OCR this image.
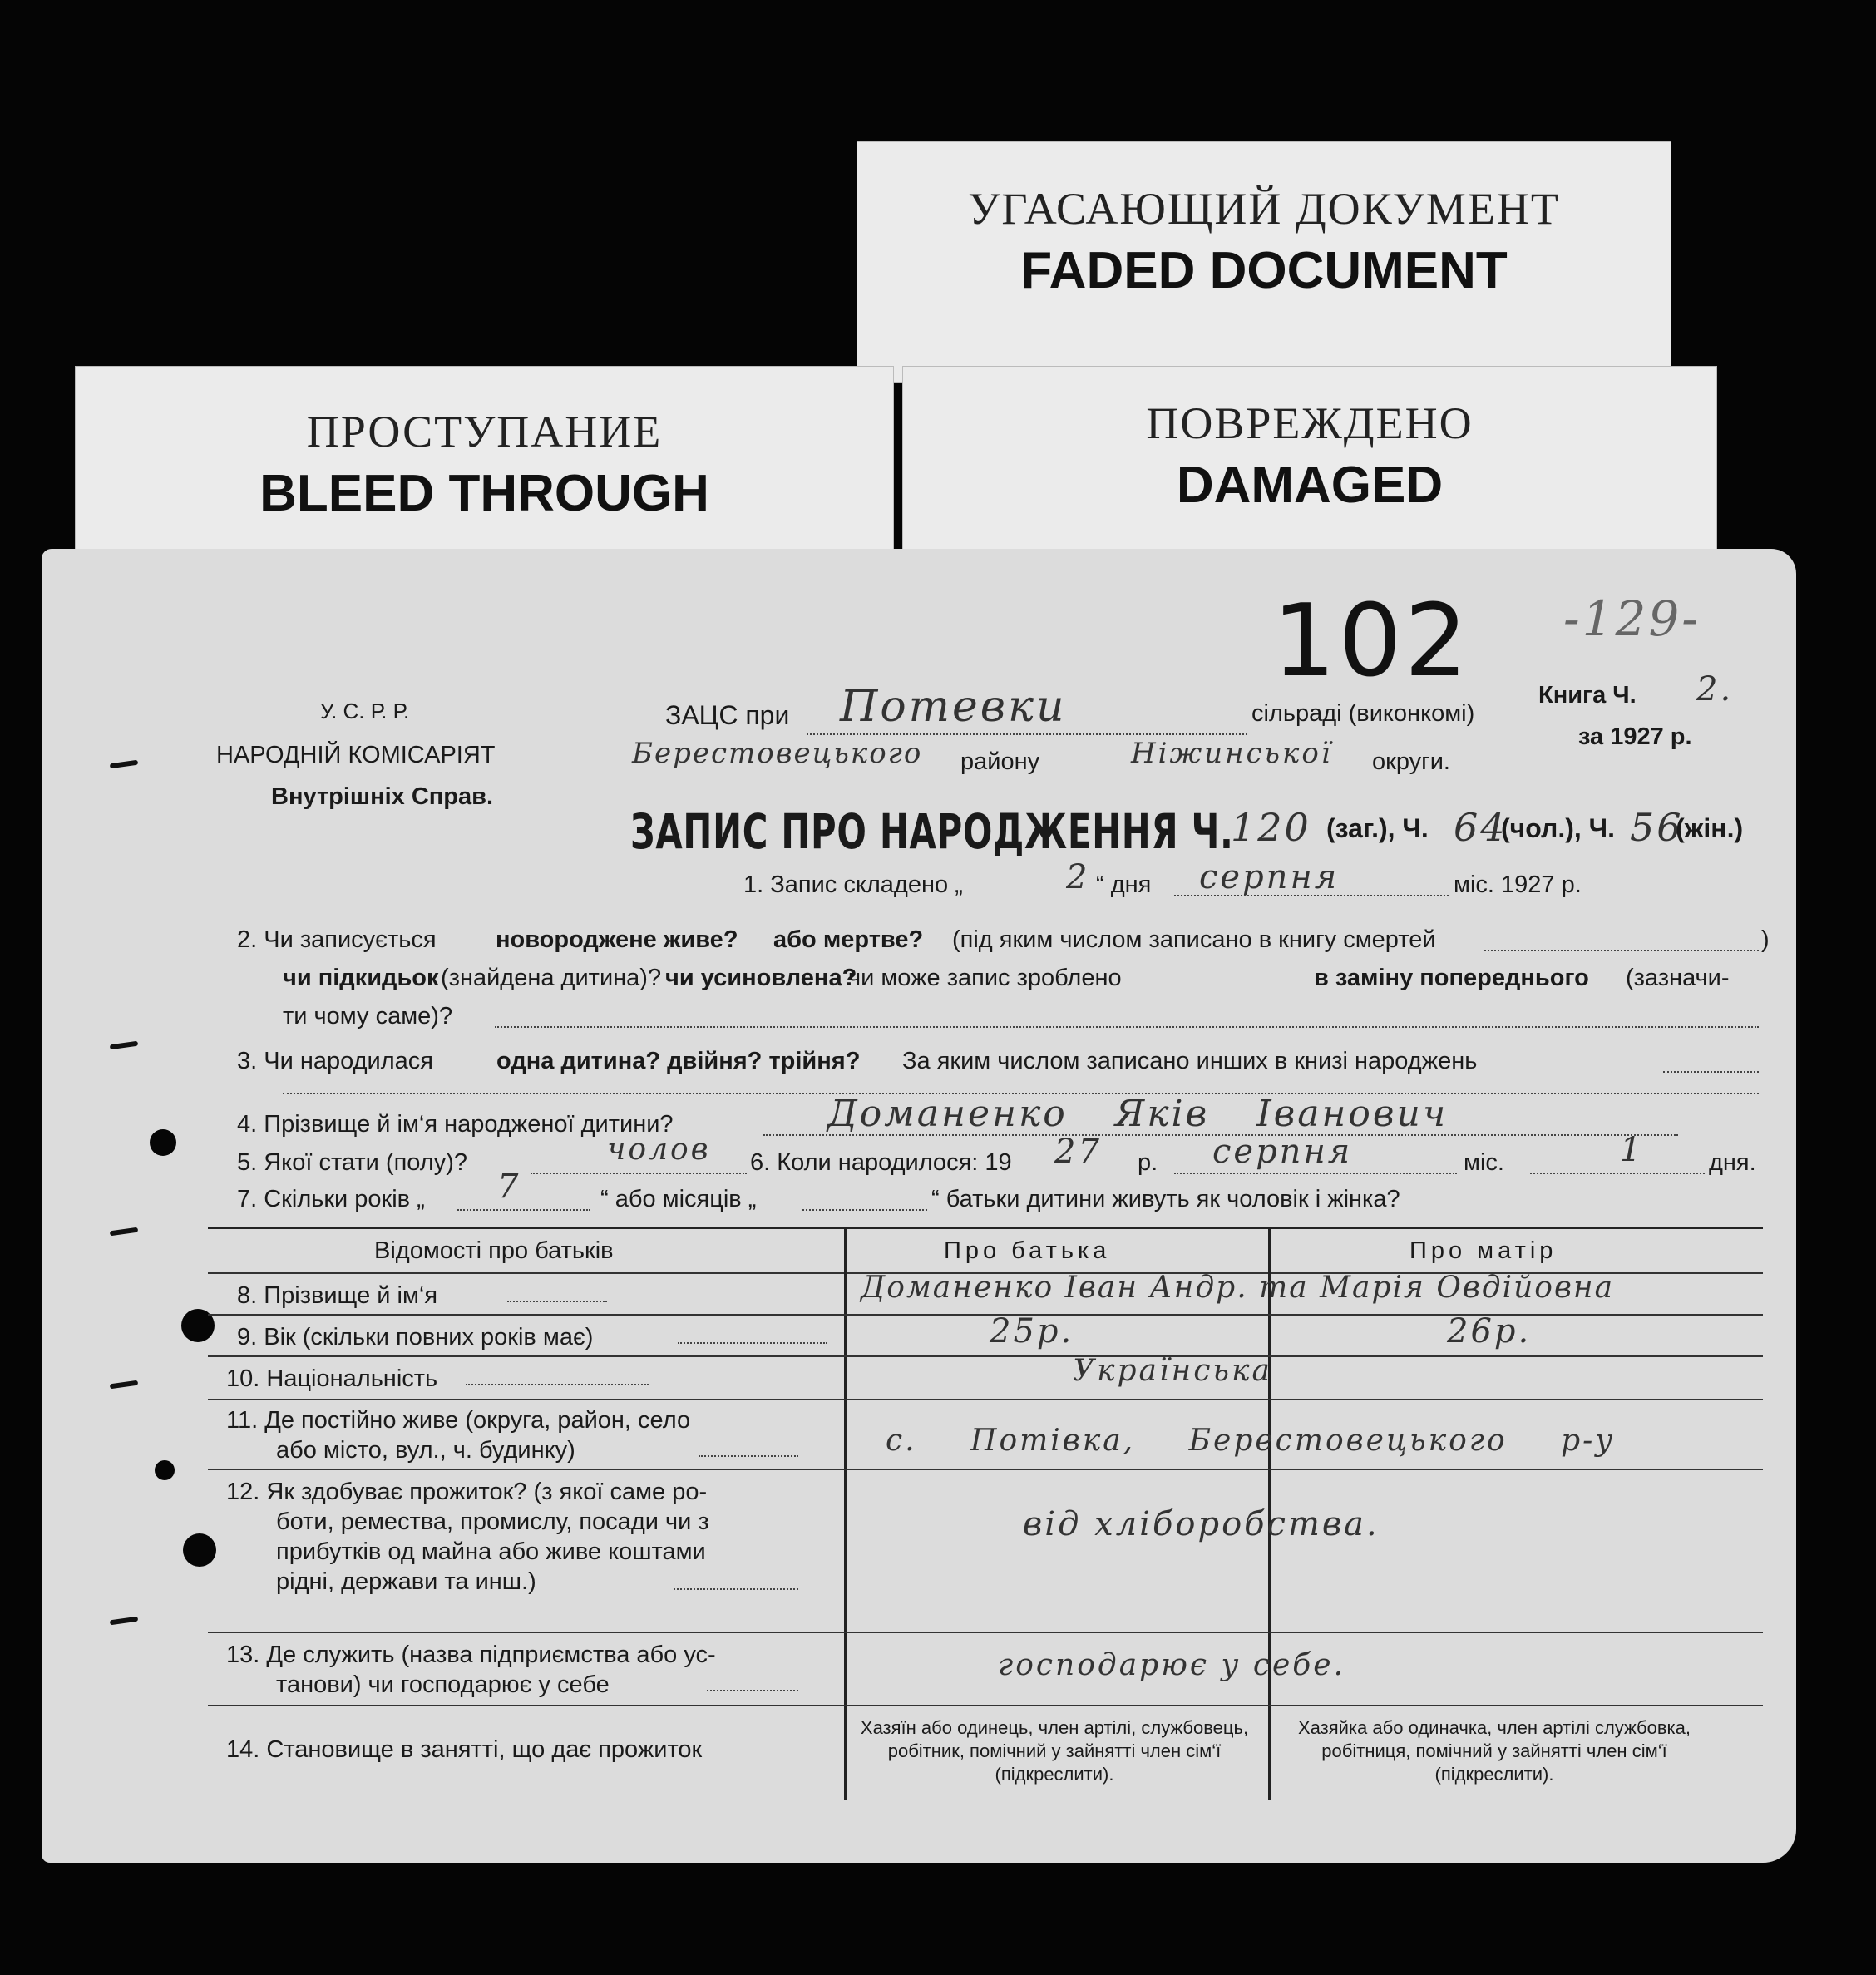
УГАСАЮЩИЙ ДОКУМЕНТ
FADED DOCUMENT
ПРОСТУПАНИЕ
BLEED THROUGH
ПОВРЕЖДЕНО
DAMAGED
102 -129-
У. С. Р. Р.
НАРОДНІЙ КОМІСАРІЯТ
Внутрішніх Справ.
ЗАЦС при Потевки	сільраді (виконкомі)
Книга Ч. 2.
за 1927 р.
Берестовецького району	Ніжинської округи.
ЗАПИС ПРО НАРОДЖЕННЯ Ч.
120 (заг.), Ч. 64
(чол.), Ч. 56
(жін.)
1. Запис складено „	2 “ дня серпня	міс. 1927 р.
2. Чи записується новороджене живе? або мертве? (під яким числом записано в книгу смертей	)
чи підкидьок (знайдена дитина)? чи усиновлена?
чи може запис зроблено	в заміну попереднього (зазначи-
ти чому саме)?
3. Чи народилася	одна дитина? двійня? трійня? За яким числом записано инших в книзі народжень
4. Прізвище й ім‘я народженої дитини?	Доманенко Яків Іванович
5. Якої стати (полу)?	чолов 6. Коли народилося: 19 27 р. серпня	міс.	1	дня.
7. Скільки років „ 7	“ або місяців „	“ батьки дитини живуть як чоловік і жінка?
Відомості про батьків	Про батька	Про матір
8. Прізвище й ім‘я	Доманенко Іван Андр. та Марія Овдійовна
9. Вік (скільки повних років має)	25р.	26р.
10. Національність	Українська
11. Де постійно живе (округа, район, село
або місто, вул., ч. будинку)	с. Потівка, Берестовецького р-у
12. Як здобуває прожиток? (з якої саме ро-
боти, ремества, промислу, посади чи з
прибутків од майна або живе коштами
рідні, держави та инш.)
від хліборобства.
13. Де служить (назва підприємства або ус-
танови) чи господарює у себе
господарює у себе.
14. Становище в занятті, що дає прожиток
Хазяїн або одинець, член артілі, службовець, робітник, помічний у зайнятті член сім‘ї (підкреслити).
Хазяйка або одиначка, член артілі службовка, робітниця, помічний у зайнятті член сім‘ї (підкреслити).
